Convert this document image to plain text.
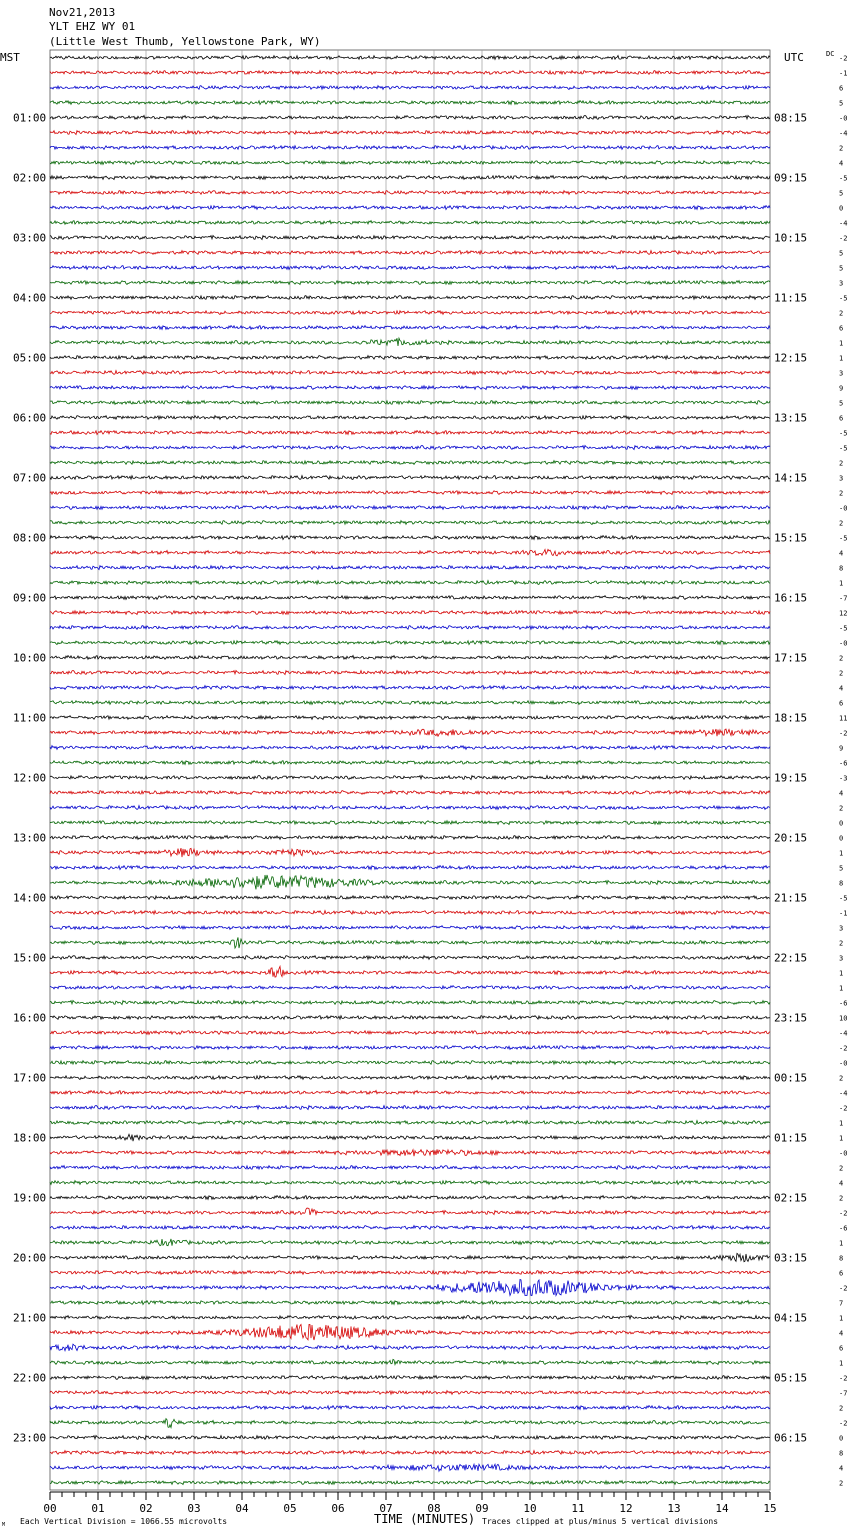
Nov21,2013
YLT EHZ WY 01
(Little West Thumb, Yellowstone Park, WY)
MST	UTC	DC
01:00
02:00
03:00
04:00
05:00
06:00
07:00
08:00
09:00
10:00
11:00
12:00
13:00
14:00
15:00
16:00
17:00
18:00
19:00
20:00
21:00
22:00
23:00
08:15
09:15
10:15
11:15
12:15
13:15
14:15
15:15
16:15
17:15
18:15
19:15
20:15
21:15
22:15
23:15
00:15
01:15
02:15
03:15
04:15
05:15
06:15
-2
-1
6
5
-0
-4
2
4
-5
5
0
-4
-2
5
5
3
-5
2
6
1
1
3
9
5
6
-5
-5
2
3
2
-0
2
-5
4
8
1
-7
12
-5
-0
2
2
4
6
11
-2
9
-6
-3
4
2
0
0
1
5
8
-5
-1
3
2
3
1
1
-6
10
-4
-2
-0
2
-4
-2
1
1
-0
2
4
2
-2
-6
1
8
6
-2
7
1
4
6
1
-2
-7
2
-2
0
8
4
2
00	01	02	03	04	05	06	07	08	09	10	11	12	13	14	15
M Each Vertical Division = 1066.55 microvolts	TIME (MINUTES) Traces clipped at plus/minus 5 vertical divisions
